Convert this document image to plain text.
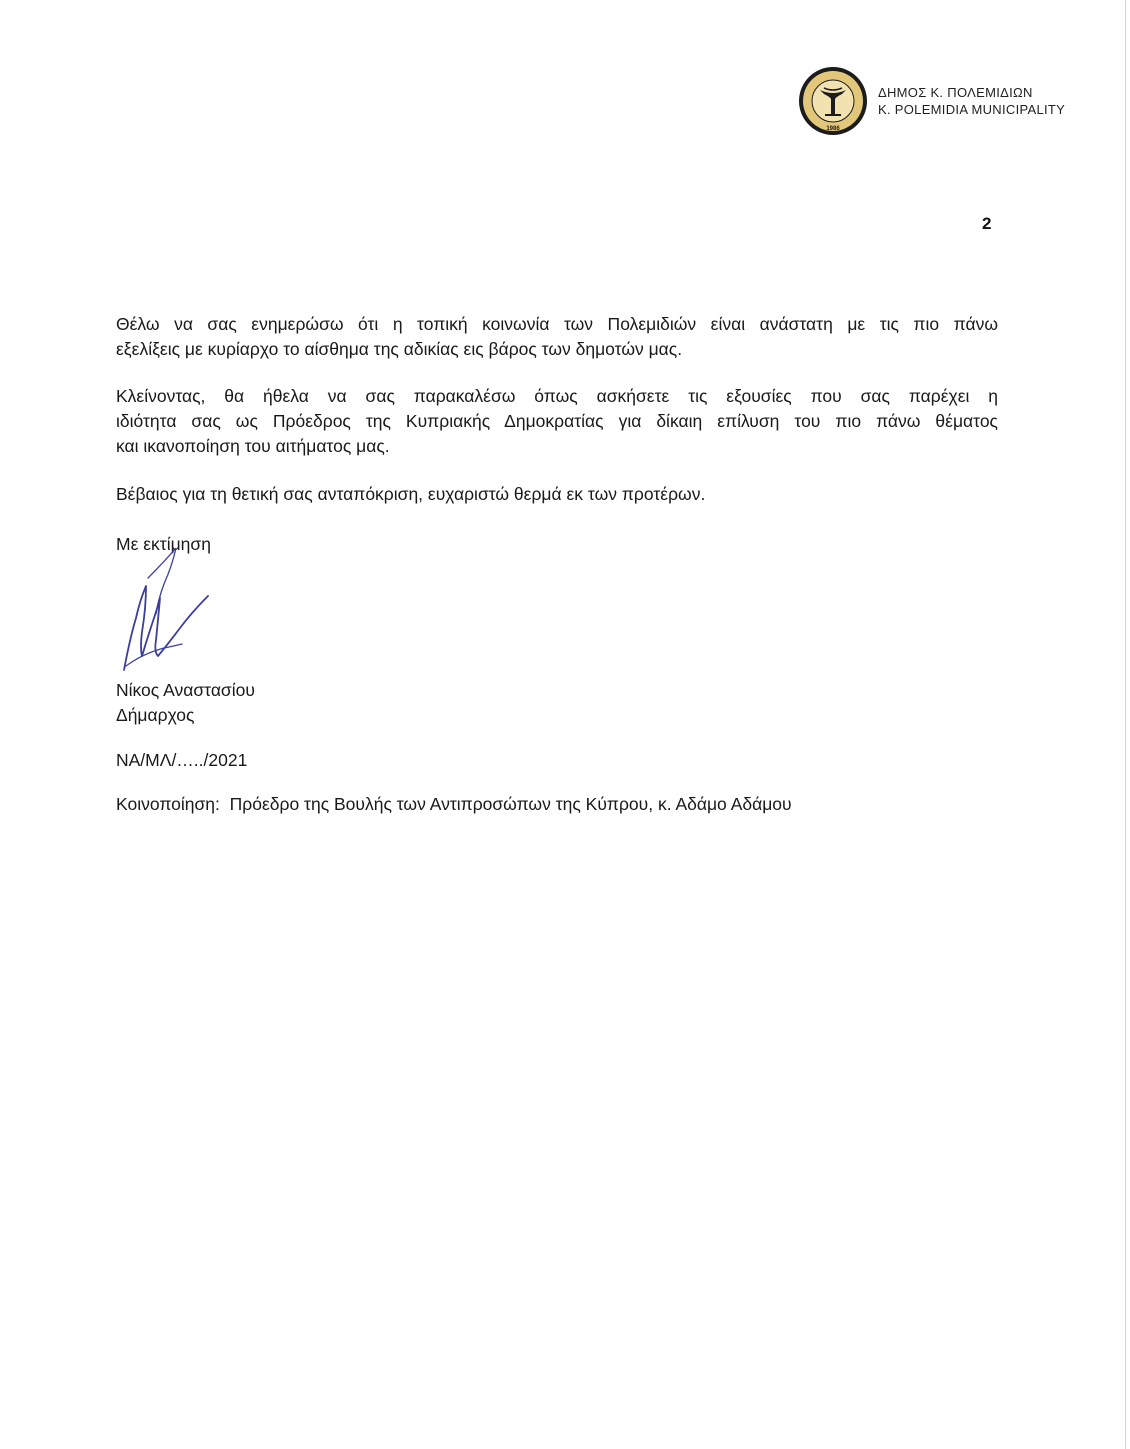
1986
ΔΗΜΟΣ Κ. ΠΟΛΕΜΙΔΙΩΝ
K. POLEMIDIA MUNICIPALITY
2
Θέλω να σας ενημερώσω ότι η τοπική κοινωνία των Πολεμιδιών είναι ανάστατη με τις πιο πάνω
εξελίξεις με κυρίαρχο το αίσθημα της αδικίας εις βάρος των δημοτών μας.
Κλείνοντας, θα ήθελα να σας παρακαλέσω όπως ασκήσετε τις εξουσίες που σας παρέχει η
ιδιότητα σας ως Πρόεδρος της Κυπριακής Δημοκρατίας για δίκαιη επίλυση του πιο πάνω θέματος
και ικανοποίηση του αιτήματος μας.
Βέβαιος για τη θετική σας ανταπόκριση, ευχαριστώ θερμά εκ των προτέρων.
Με εκτίμηση
Νίκος Αναστασίου
Δήμαρχος
ΝΑ/ΜΛ/…../2021
Κοινοποίηση: Πρόεδρο της Βουλής των Αντιπροσώπων της Κύπρου, κ. Αδάμο Αδάμου
